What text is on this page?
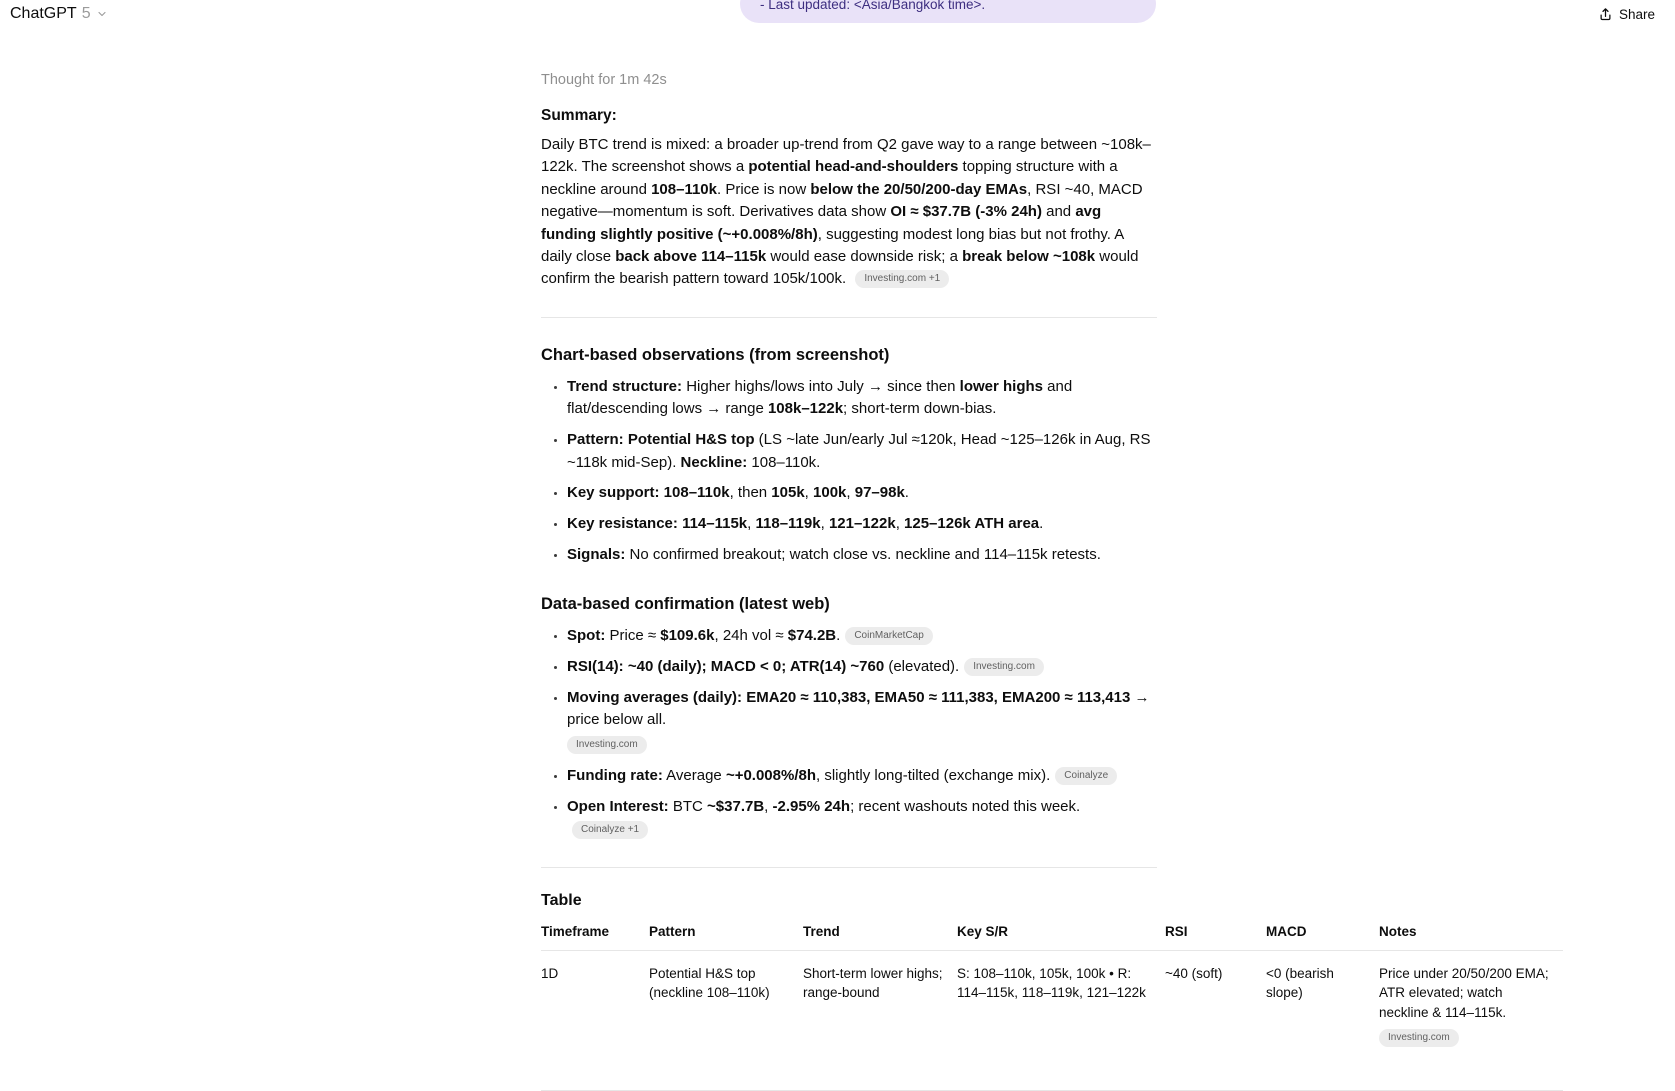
ChatGPT 5	Share
- Last updated: <Asia/Bangkok time>.
Thought for 1m 42s
Summary:
Daily BTC trend is mixed: a broader up-trend from Q2 gave way to a range between ~108k–122k. The screenshot shows a potential head-and-shoulders topping structure with a neckline around 108–110k. Price is now below the 20/50/200-day EMAs, RSI ~40, MACD negative—momentum is soft. Derivatives data show OI ≈ $37.7B (-3% 24h) and avg funding slightly positive (~+0.008%/8h), suggesting modest long bias but not frothy. A daily close back above 114–115k would ease downside risk; a break below ~108k would confirm the bearish pattern toward 105k/100k. Investing.com +1
Chart-based observations (from screenshot)
• Trend structure: Higher highs/lows into July → since then lower highs and flat/descending lows → range 108k–122k; short-term down-bias.
• Pattern: Potential H&S top (LS ~late Jun/early Jul ≈120k, Head ~125–126k in Aug, RS ~118k mid-Sep). Neckline: 108–110k.
• Key support: 108–110k, then 105k, 100k, 97–98k.
• Key resistance: 114–115k, 118–119k, 121–122k, 125–126k ATH area.
• Signals: No confirmed breakout; watch close vs. neckline and 114–115k retests.
Data-based confirmation (latest web)
• Spot: Price ≈ $109.6k, 24h vol ≈ $74.2B. CoinMarketCap
• RSI(14): ~40 (daily); MACD < 0; ATR(14) ~760 (elevated). Investing.com
• Moving averages (daily): EMA20 ≈ 110,383, EMA50 ≈ 111,383, EMA200 ≈ 113,413 → price below all.
Investing.com
• Funding rate: Average ~+0.008%/8h, slightly long-tilted (exchange mix). Coinalyze
• Open Interest: BTC ~$37.7B, -2.95% 24h; recent washouts noted this week.Coinalyze +1
Table
Timeframe	Pattern	Trend	Key S/R	RSI	MACD	Notes
1D	Potential H&S top (neckline 108–110k)	Short-term lower highs; range-bound	S: 108–110k, 105k, 100k • R: 114–115k, 118–119k, 121–122k	~40 (soft)	<0 (bearish slope)	Price under 20/50/200 EMA; ATR elevated; watch neckline & 114–115k.
Investing.com
